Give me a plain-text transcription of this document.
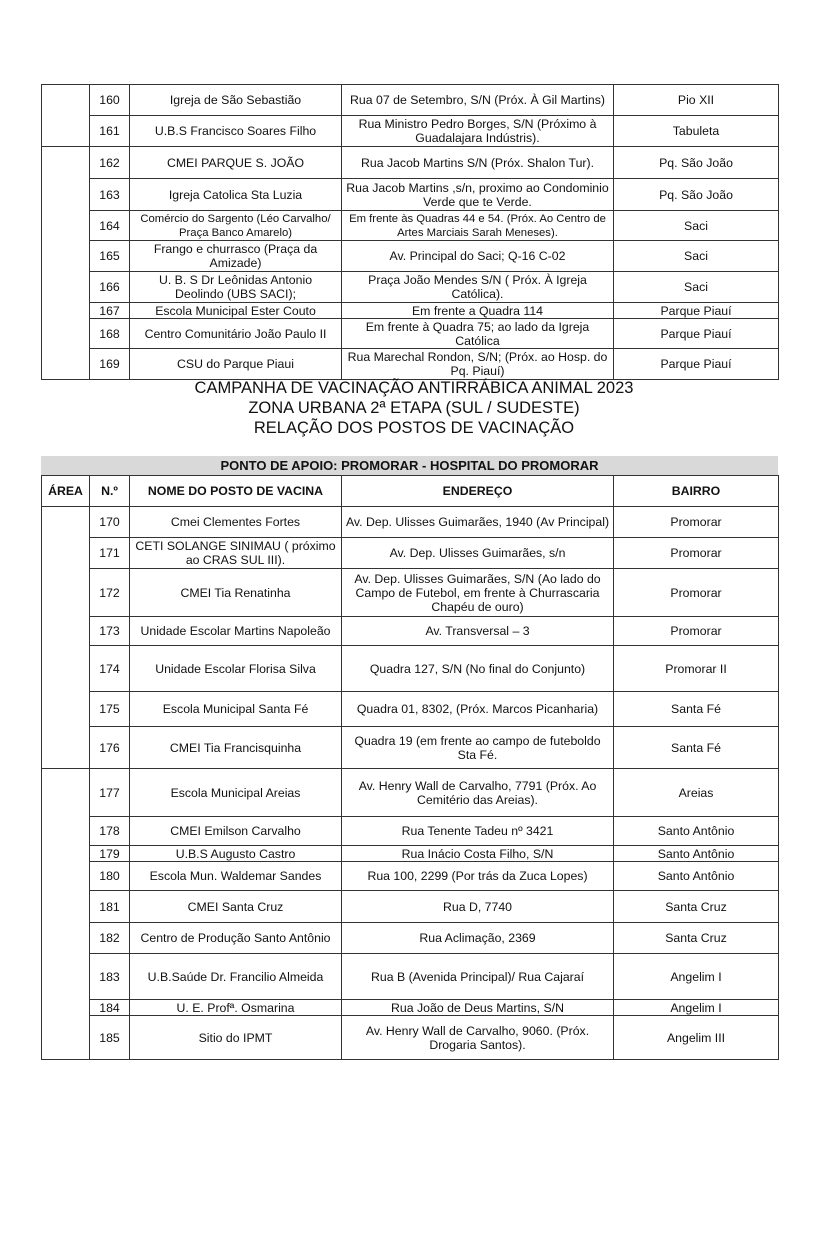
	160	Igreja de São Sebastião	Rua 07 de Setembro, S/N (Próx. À Gil Martins)	Pio XII
	161	U.B.S Francisco Soares Filho	Rua Ministro Pedro Borges, S/N (Próximo à Guadalajara Indústris).	Tabuleta
	162	CMEI PARQUE S. JOÃO	Rua Jacob Martins S/N (Próx. Shalon Tur).	Pq. São João
	163	Igreja Catolica Sta Luzia	Rua Jacob Martins ,s/n, proximo ao Condominio Verde que te Verde.	Pq. São João
	164	Comércio do Sargento (Léo Carvalho/ Praça Banco Amarelo)	Em frente às Quadras 44 e 54. (Próx. Ao Centro de Artes Marciais Sarah Meneses).	Saci
	165	Frango e churrasco (Praça da Amizade)	Av. Principal do Saci; Q-16 C-02	Saci
	166	U. B. S Dr Leônidas Antonio Deolindo (UBS SACI);	Praça João Mendes S/N ( Próx. À Igreja Católica).	Saci
	167	Escola Municipal Ester Couto	Em frente a Quadra 114	Parque Piauí
	168	Centro Comunitário João Paulo II	Em frente à Quadra 75; ao lado da Igreja Católica	Parque Piauí
	169	CSU do Parque Piaui	Rua Marechal Rondon, S/N; (Próx. ao Hosp. do Pq. Piauí)	Parque Piauí
CAMPANHA DE VACINAÇÃO ANTIRRÁBICA ANIMAL 2023
ZONA URBANA 2ª ETAPA (SUL / SUDESTE)
RELAÇÃO DOS POSTOS DE VACINAÇÃO
PONTO DE APOIO: PROMORAR - HOSPITAL DO PROMORAR
ÁREA	N.º	NOME DO POSTO DE VACINA	ENDEREÇO	BAIRRO
	170	Cmei Clementes Fortes	Av. Dep. Ulisses Guimarães, 1940 (Av Principal)	Promorar
	171	CETI SOLANGE SINIMAU ( próximo ao CRAS SUL III).	Av. Dep. Ulisses Guimarães, s/n	Promorar
	172	CMEI Tia Renatinha	Av. Dep. Ulisses Guimarães, S/N (Ao lado do Campo de Futebol, em frente à Churrascaria Chapéu de ouro)	Promorar
	173	Unidade Escolar Martins Napoleão	Av. Transversal – 3	Promorar
	174	Unidade Escolar Florisa Silva	Quadra 127, S/N (No final do Conjunto)	Promorar II
	175	Escola Municipal Santa Fé	Quadra 01, 8302, (Próx. Marcos Picanharia)	Santa Fé
	176	CMEI Tia Francisquinha	Quadra 19 (em frente ao campo de futeboldo Sta Fé.	Santa Fé
	177	Escola Municipal Areias	Av. Henry Wall de Carvalho, 7791 (Próx. Ao Cemitério das Areias).	Areias
	178	CMEI Emilson Carvalho	Rua Tenente Tadeu nº 3421	Santo Antônio
	179	U.B.S Augusto Castro	Rua Inácio Costa Filho, S/N	Santo Antônio
	180	Escola Mun. Waldemar Sandes	Rua 100, 2299 (Por trás da Zuca Lopes)	Santo Antônio
	181	CMEI Santa Cruz	Rua D, 7740	Santa Cruz
	182	Centro de Produção Santo Antônio	Rua Aclimação, 2369	Santa Cruz
	183	U.B.Saúde Dr. Francilio Almeida	Rua B (Avenida Principal)/ Rua Cajaraí	Angelim I
	184	U. E. Profª. Osmarina	Rua João de Deus Martins, S/N	Angelim I
	185	Sitio do IPMT	Av. Henry Wall de Carvalho, 9060. (Próx. Drogaria Santos).	Angelim III
